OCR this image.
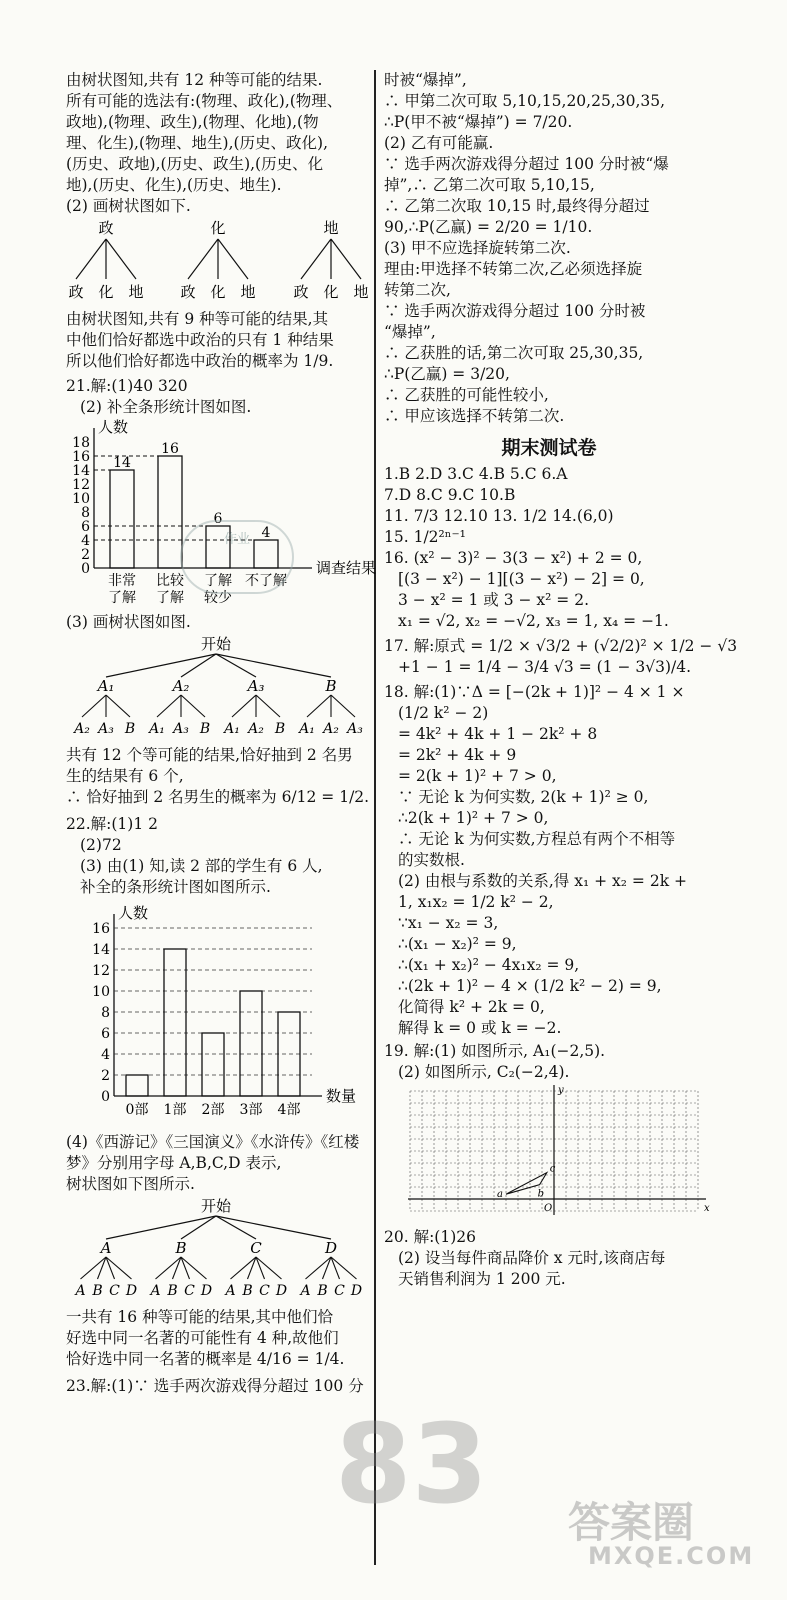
由树状图知,共有 12 种等可能的结果.
所有可能的选法有:(物理、政化),(物理、
政地),(物理、政生),(物理、化地),(物
理、化生),(物理、地生),(历史、政化),
(历史、政地),(历史、政生),(历史、化
地),(历史、化生),(历史、地生).
(2) 画树状图如下.
政
政 化 地
化
政 化 地
地
政 化 地
由树状图知,共有 9 种等可能的结果,其
中他们恰好都选中政治的只有 1 种结果
所以他们恰好都选中政治的概率为 1/9.
21.解:(1)40 320
(2) 补全条形统计图如图.
人数
调查结果
0
2
4
6
8
10
12
14
16
18
14
非常
了解
16
比较
了解
6
了解
较少
4
不了解
(3) 画树状图如图.
开始
A₁
A₂ A₃ B
A₂
A₁ A₃ B
A₃
A₁ A₂ B
B
A₁ A₂ A₃
共有 12 个等可能的结果,恰好抽到 2 名男
生的结果有 6 个,
∴ 恰好抽到 2 名男生的概率为 6/12 = 1/2.
22.解:(1)1 2
(2)72
(3) 由(1) 知,读 2 部的学生有 6 人,
补全的条形统计图如图所示.
人数
数量
0
2
4
6
8
10
12
14
16
0部 1部 2部 3部 4部
(4)《西游记》《三国演义》《水浒传》《红楼
梦》分别用字母 A,B,C,D 表示,
树状图如下图所示.
开始
A
A B C D
B
A B C D
C
A B C D
D
A B C D
一共有 16 种等可能的结果,其中他们恰
好选中同一名著的可能性有 4 种,故他们
恰好选中同一名著的概率是 4/16 = 1/4.
23.解:(1)∵ 选手两次游戏得分超过 100 分
时被“爆掉”,
∴ 甲第二次可取 5,10,15,20,25,30,35,
∴P(甲不被“爆掉”) = 7/20.
(2) 乙有可能赢.
∵ 选手两次游戏得分超过 100 分时被“爆
掉”,∴ 乙第二次可取 5,10,15,
∴ 乙第二次取 10,15 时,最终得分超过
90,∴P(乙赢) = 2/20 = 1/10.
(3) 甲不应选择旋转第二次.
理由:甲选择不转第二次,乙必须选择旋
转第二次,
∵ 选手两次游戏得分超过 100 分时被
“爆掉”,
∴ 乙获胜的话,第二次可取 25,30,35,
∴P(乙赢) = 3/20,
∴ 乙获胜的可能性较小,
∴ 甲应该选择不转第二次.
期末测试卷
1.B 2.D 3.C 4.B 5.C 6.A
7.D 8.C 9.C 10.B
11. 7/3 12.10 13. 1/2 14.(6,0)
15. 1/2²ⁿ⁻¹
16. (x² − 3)² − 3(3 − x²) + 2 = 0,
[(3 − x²) − 1][(3 − x²) − 2] = 0,
3 − x² = 1 或 3 − x² = 2.
x₁ = √2, x₂ = −√2, x₃ = 1, x₄ = −1.
17. 解:原式 = 1/2 × √3/2 + (√2/2)² × 1/2 − √3
+1 − 1 = 1/4 − 3/4 √3 = (1 − 3√3)/4.
18. 解:(1)∵Δ = [−(2k + 1)]² − 4 × 1 ×
(1/2 k² − 2)
= 4k² + 4k + 1 − 2k² + 8
= 2k² + 4k + 9
= 2(k + 1)² + 7 > 0,
∵ 无论 k 为何实数, 2(k + 1)² ≥ 0,
∴2(k + 1)² + 7 > 0,
∴ 无论 k 为何实数,方程总有两个不相等
的实数根.
(2) 由根与系数的关系,得 x₁ + x₂ = 2k +
1, x₁x₂ = 1/2 k² − 2,
∵x₁ − x₂ = 3,
∴(x₁ − x₂)² = 9,
∴(x₁ + x₂)² − 4x₁x₂ = 9,
∴(2k + 1)² − 4 × (1/2 k² − 2) = 9,
化简得 k² + 2k = 0,
解得 k = 0 或 k = −2.
19. 解:(1) 如图所示, A₁(−2,5).
(2) 如图所示, C₂(−2,4).
y
x
O
a	b
c
20. 解:(1)26
(2) 设当每件商品降价 x 元时,该商店每
天销售利润为 1 200 元.
作业
83 答案圈
MXQE.COM
